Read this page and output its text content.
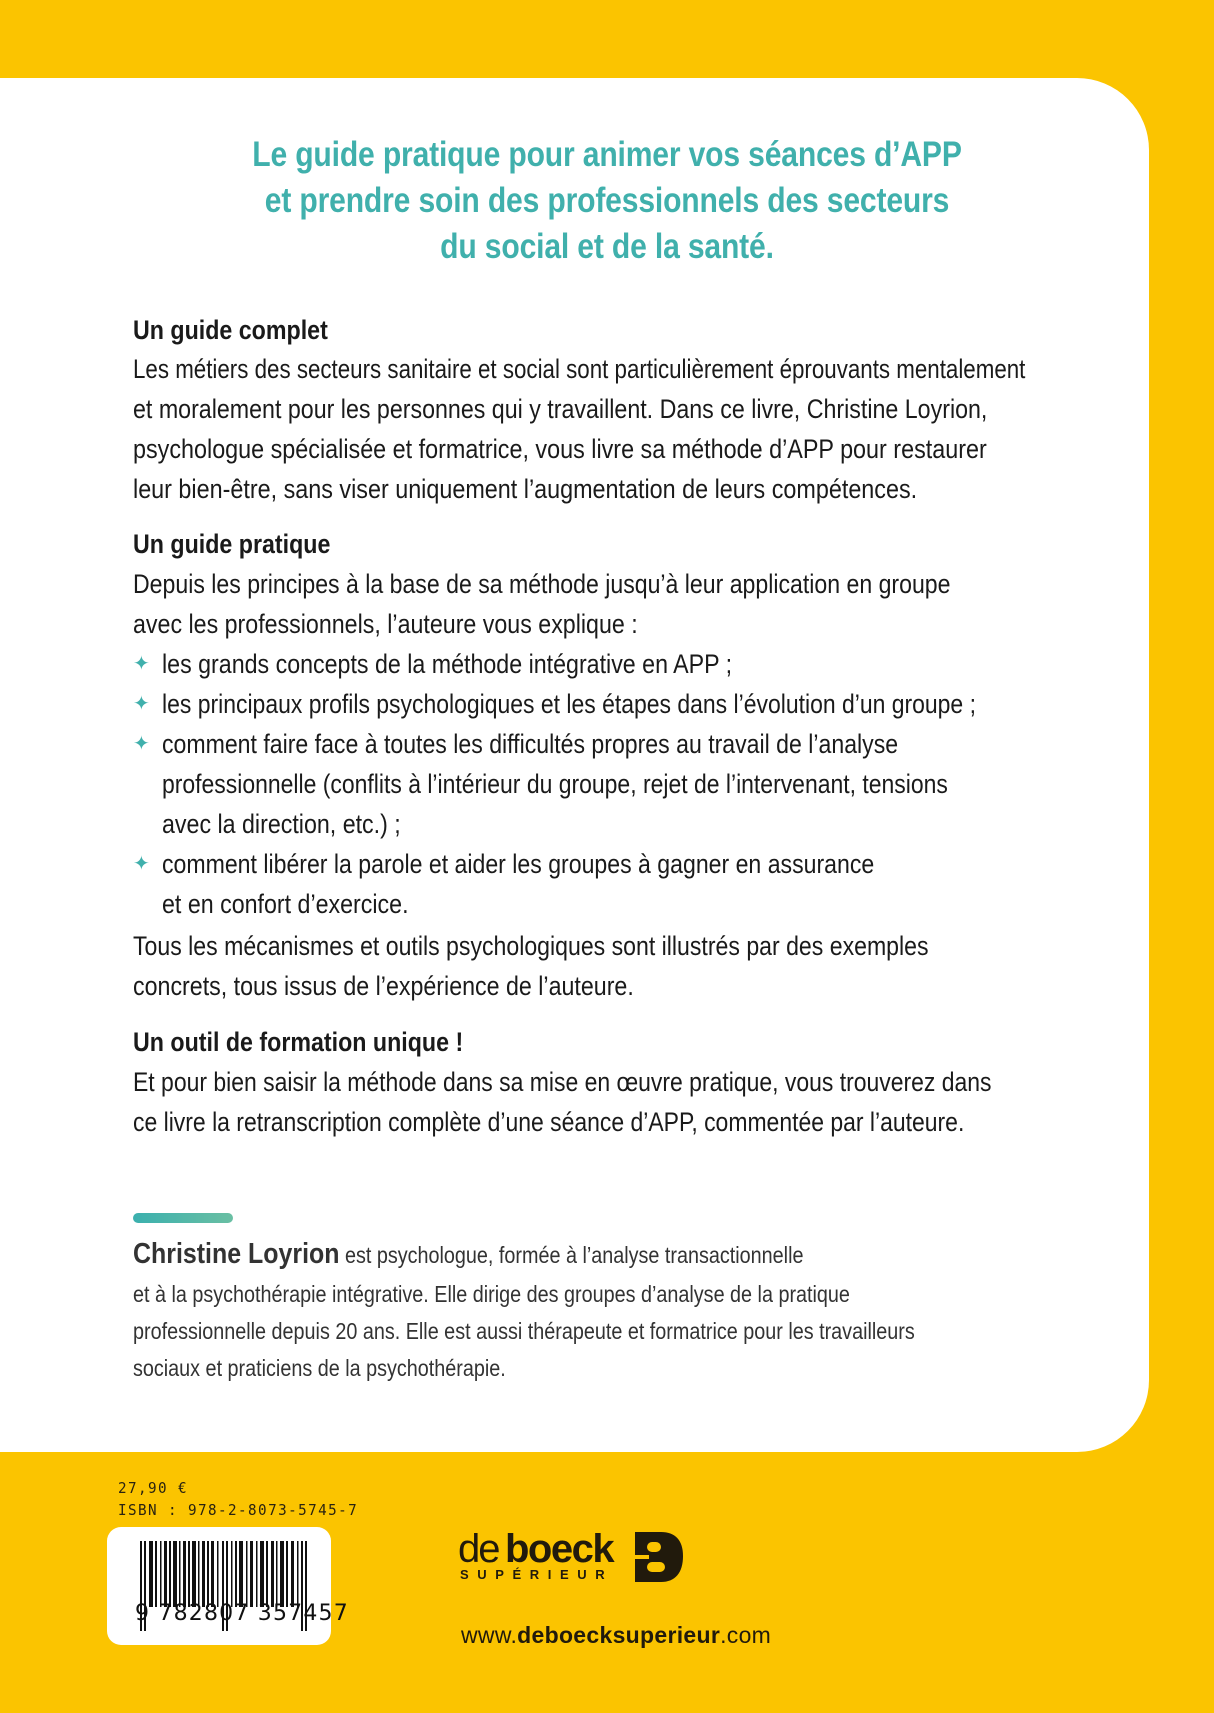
Le guide pratique pour animer vos séances d’APP
et prendre soin des professionnels des secteurs
du social et de la santé.
Un guide complet
Les métiers des secteurs sanitaire et social sont particulièrement éprouvants mentalement
et moralement pour les personnes qui y travaillent. Dans ce livre, Christine Loyrion,
psychologue spécialisée et formatrice, vous livre sa méthode d’APP pour restaurer
leur bien-être, sans viser uniquement l’augmentation de leurs compétences.
Un guide pratique
Depuis les principes à la base de sa méthode jusqu’à leur application en groupe
avec les professionnels, l’auteure vous explique :
✦ les grands concepts de la méthode intégrative en APP ;
✦ les principaux profils psychologiques et les étapes dans l’évolution d’un groupe ;
✦ comment faire face à toutes les difficultés propres au travail de l’analyse
professionnelle (conflits à l’intérieur du groupe, rejet de l’intervenant, tensions
avec la direction, etc.) ;
✦ comment libérer la parole et aider les groupes à gagner en assurance
et en confort d’exercice.
Tous les mécanismes et outils psychologiques sont illustrés par des exemples
concrets, tous issus de l’expérience de l’auteure.
Un outil de formation unique !
Et pour bien saisir la méthode dans sa mise en œuvre pratique, vous trouverez dans
ce livre la retranscription complète d’une séance d’APP, commentée par l’auteure.
Christine Loyrion est psychologue, formée à l’analyse transactionnelle
et à la psychothérapie intégrative. Elle dirige des groupes d’analyse de la pratique
professionnelle depuis 20 ans. Elle est aussi thérapeute et formatrice pour les travailleurs
sociaux et praticiens de la psychothérapie.
27,90 €
ISBN : 978-2-8073-5745-7
9 782807 357457
de boeck
SUPÉRIEUR
www.deboecksuperieur.com
